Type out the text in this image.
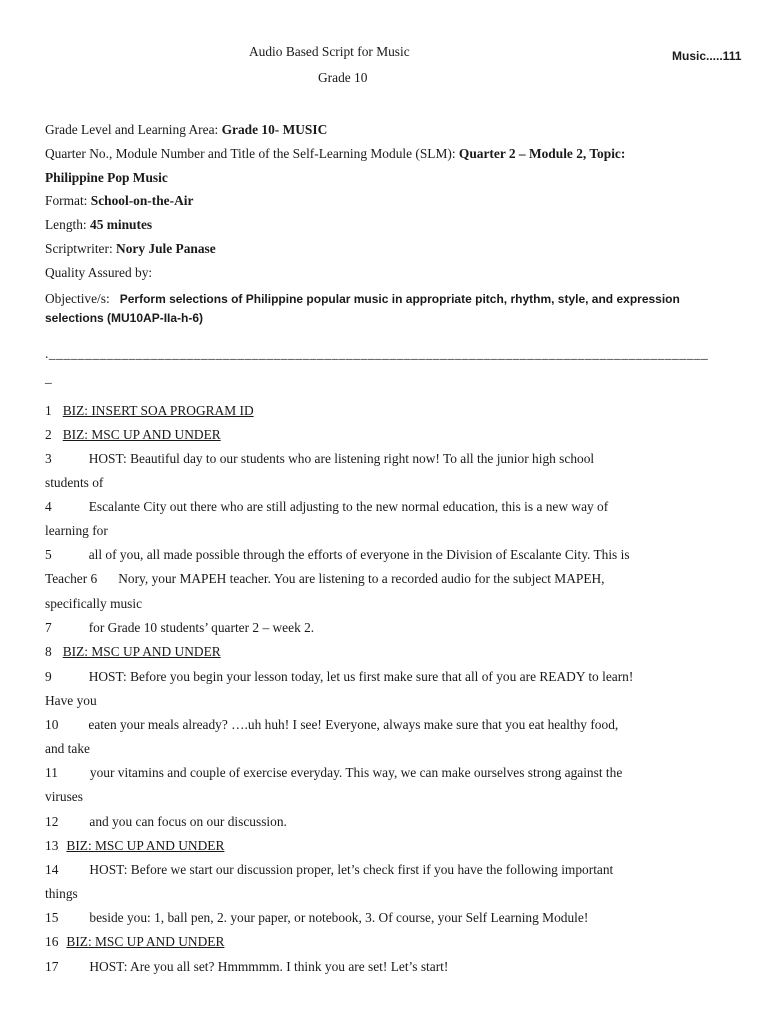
Audio Based Script for Music
Grade 10
Music.....111
Grade Level and Learning Area: Grade 10- MUSIC
Quarter No., Module Number and Title of the Self-Learning Module (SLM): Quarter 2 – Module 2, Topic:
Philippine Pop Music
Format: School-on-the-Air
Length: 45 minutes
Scriptwriter: Nory Jule Panase
Quality Assured by:
Objective/s: Perform selections of Philippine popular music in appropriate pitch, rhythm, style, and expression
selections (MU10AP-IIa-h-6)
.___________________________________________________________________________________________
_
1 BIZ: INSERT SOA PROGRAM ID
2 BIZ: MSC UP AND UNDER
3	HOST: Beautiful day to our students who are listening right now! To all the junior high school
students of
4	Escalante City out there who are still adjusting to the new normal education, this is a new way of
learning for
5	all of you, all made possible through the efforts of everyone in the Division of Escalante City. This is
Teacher 6 Nory, your MAPEH teacher. You are listening to a recorded audio for the subject MAPEH,
specifically music
7	for Grade 10 students’ quarter 2 – week 2.
8 BIZ: MSC UP AND UNDER
9	HOST: Before you begin your lesson today, let us first make sure that all of you are READY to learn!
Have you
10 eaten your meals already? ….uh huh! I see! Everyone, always make sure that you eat healthy food,
and take
11 your vitamins and couple of exercise everyday. This way, we can make ourselves strong against the
viruses
12 and you can focus on our discussion.
13 BIZ: MSC UP AND UNDER
14 HOST: Before we start our discussion proper, let’s check first if you have the following important
things
15 beside you: 1, ball pen, 2. your paper, or notebook, 3. Of course, your Self Learning Module!
16 BIZ: MSC UP AND UNDER
17 HOST: Are you all set? Hmmmmm. I think you are set! Let’s start!
